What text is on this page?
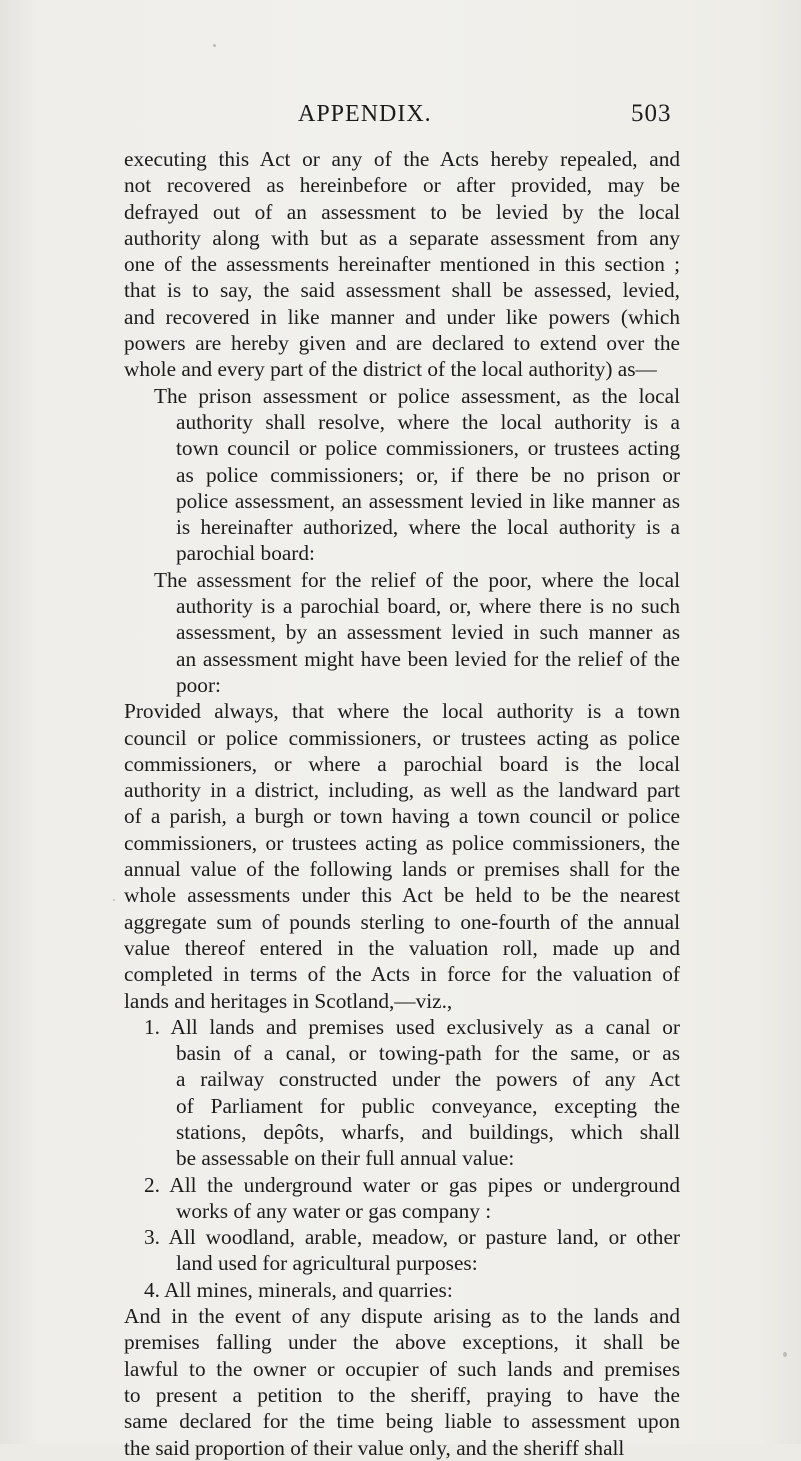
APPENDIX.	503
executing this Act or any of the Acts hereby repealed, and
not recovered as hereinbefore or after provided, may be
defrayed out of an assessment to be levied by the local
authority along with but as a separate assessment from any
one of the assessments hereinafter mentioned in this section ;
that is to say, the said assessment shall be assessed, levied,
and recovered in like manner and under like powers (which
powers are hereby given and are declared to extend over the
whole and every part of the district of the local authority) as—
The prison assessment or police assessment, as the local
authority shall resolve, where the local authority is a
town council or police commissioners, or trustees acting
as police commissioners; or, if there be no prison or
police assessment, an assessment levied in like manner as
is hereinafter authorized, where the local authority is a
parochial board:
The assessment for the relief of the poor, where the local
authority is a parochial board, or, where there is no such
assessment, by an assessment levied in such manner as
an assessment might have been levied for the relief of the
poor:
Provided always, that where the local authority is a town
council or police commissioners, or trustees acting as police
commissioners, or where a parochial board is the local
authority in a district, including, as well as the landward part
of a parish, a burgh or town having a town council or police
commissioners, or trustees acting as police commissioners, the
annual value of the following lands or premises shall for the
whole assessments under this Act be held to be the nearest
aggregate sum of pounds sterling to one-fourth of the annual
value thereof entered in the valuation roll, made up and
completed in terms of the Acts in force for the valuation of
lands and heritages in Scotland,—viz.,
1. All lands and premises used exclusively as a canal or
basin of a canal, or towing-path for the same, or as
a railway constructed under the powers of any Act
of Parliament for public conveyance, excepting the
stations, depôts, wharfs, and buildings, which shall
be assessable on their full annual value:
2. All the underground water or gas pipes or underground
works of any water or gas company :
3. All woodland, arable, meadow, or pasture land, or other
land used for agricultural purposes:
4. All mines, minerals, and quarries:
And in the event of any dispute arising as to the lands and
premises falling under the above exceptions, it shall be
lawful to the owner or occupier of such lands and premises
to present a petition to the sheriff, praying to have the
same declared for the time being liable to assessment upon
the said proportion of their value only, and the sheriff shall
